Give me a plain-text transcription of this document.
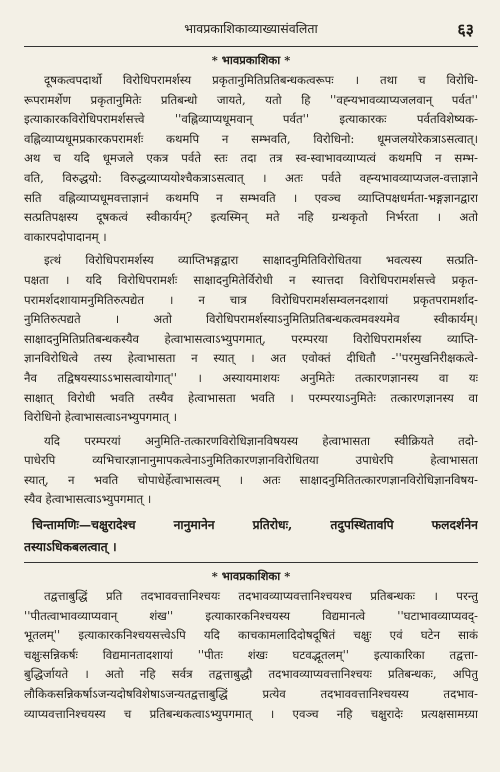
भावप्रकाशिकाव्याख्यासंवलिता	६३
* भावप्रकाशिका *
दूषकत्वपदार्थो विरोधिपरामर्शस्य प्रकृतानुमितिप्रतिबन्धकत्वरूपः । तथा च विरोधि-
रूपरामर्शेण प्रकृतानुमितेः प्रतिबन्धो जायते, यतो हि ''वह्न्यभावव्याप्यजलवान् पर्वत''
इत्याकारकविरोधिपरामर्शसत्त्वे ''वह्निव्याप्यधूमवान् पर्वत'' इत्याकारकः पर्वतविशेष्यक-
वह्निव्याप्यधूमप्रकारकपरामर्शः कथमपि न सम्भवति, विरोधिनो: धूमजलयोरेकत्राऽसत्वात्।
अथ च यदि धूमजले एकत्र पर्वते स्तः तदा तत्र स्व-स्वाभावव्याप्यत्वं कथमपि न सम्भ-
वति, विरुद्धयो: विरुद्धव्याप्ययोश्चैकत्राऽसत्वात् । अतः पर्वते वह्न्यभावव्याप्यजल-वत्ताज्ञाने
सति वह्निव्याप्यधूमवत्ताज्ञानं कथमपि न सम्भवति । एवञ्च व्याप्तिपक्षधर्मता-भङ्गज्ञानद्वारा
सत्प्रतिपक्षस्य दूषकत्वं स्वीकार्यम्? इत्यस्मिन् मते नहि ग्रन्थकृतो निर्भरता । अतो
वाकारपदोपादानम् ।
इत्थं विरोधिपरामर्शस्य व्याप्तिभङ्गद्वारा साक्षादनुमितिविरोधितया भवत्यस्य सत्प्रति-
पक्षता । यदि विरोधिपरामर्शः साक्षादनुमितेर्विरोधी न स्यात्तदा विरोधिपरामर्शसत्त्वे प्रकृत-
परामर्शदशायामनुमितिरुत्पद्येत । न चात्र विरोधिपरामर्शसम्वलनदशायां प्रकृतपरामर्शाद-
नुमितिरुत्पद्यते । अतो विरोधिपरामर्शस्याऽनुमितिप्रतिबन्धकत्वमवश्यमेव स्वीकार्यम्।
साक्षादनुमितिप्रतिबन्धकस्यैव हेत्वाभासत्वाऽभ्युपगमात्, परम्परया विरोधिपरामर्शस्य व्याप्ति-
ज्ञानविरोधित्वे तस्य हेत्वाभासता न स्यात् । अत एवोक्तं दीधितौ -''परमुखनिरीक्षकत्वे-
नैव तद्विषयस्याऽऽभासत्वायोगात्'' । अस्यायमाशयः अनुमितेः तत्कारणज्ञानस्य वा यः
साक्षात् विरोधी भवति तस्यैव हेत्वाभासता भवति । परम्परयाऽनुमितेः तत्कारणज्ञानस्य वा
विरोधिनो हेत्वाभासत्वाऽनभ्युपगमात् ।
यदि परम्परयां अनुमिति-तत्कारणविरोधिज्ञानविषयस्य हेत्वाभासता स्वीक्रियते तदो-
पाधेरपि व्यभिचारज्ञानानुमापकत्वेनाऽनुमितिकारणज्ञानविरोधितया उपाधेरपि हेत्वाभासता
स्यात्, न भवति चोपाधेर्हेत्वाभासत्वम् । अतः साक्षादनुमितितत्कारणज्ञानविरोधिज्ञानविषय-
स्यैव हेत्वाभासत्वाऽभ्युपगमात् ।
चिन्तामणिः—चक्षुरादेश्च नानुमानेन प्रतिरोधः, तदुपस्थितावपि फलदर्शनेन
तस्याऽधिकबलत्वात् ।
* भावप्रकाशिका *
तद्वत्ताबुद्धिं प्रति तदभाववत्तानिश्चयः तदभावव्याप्यवत्तानिश्चयश्च प्रतिबन्धकः । परन्तु
''पीतत्वाभावव्याप्यवान् शंख'' इत्याकारकनिश्चयस्य विद्यमानत्वे ''घटाभावव्याप्यवद्-
भूतलम्'' इत्याकारकनिश्चयसत्त्वेऽपि यदि काचकामलादिदोषदूषितं चक्षुः एवं घटेन साकं
चक्षुःसन्निकर्षः विद्यमानतादशायां ''पीतः शंखः घटवद्भूतलम्'' इत्याकारिका तद्वत्ता-
बुद्धिर्जायते । अतो नहि सर्वत्र तद्वत्ताबुद्धौ तदभावव्याप्यवत्तानिश्चयः प्रतिबन्धकः, अपितु
लौकिकसन्निकर्षाऽजन्यदोषविशेषाऽजन्यतद्वत्ताबुद्धिं प्रत्येव तदभाववत्तानिश्चयस्य तदभाव-
व्याप्यवत्तानिश्चयस्य च प्रतिबन्धकत्वाऽभ्युपगमात् । एवञ्च नहि चक्षुरादेः प्रत्यक्षसामग्र्या
